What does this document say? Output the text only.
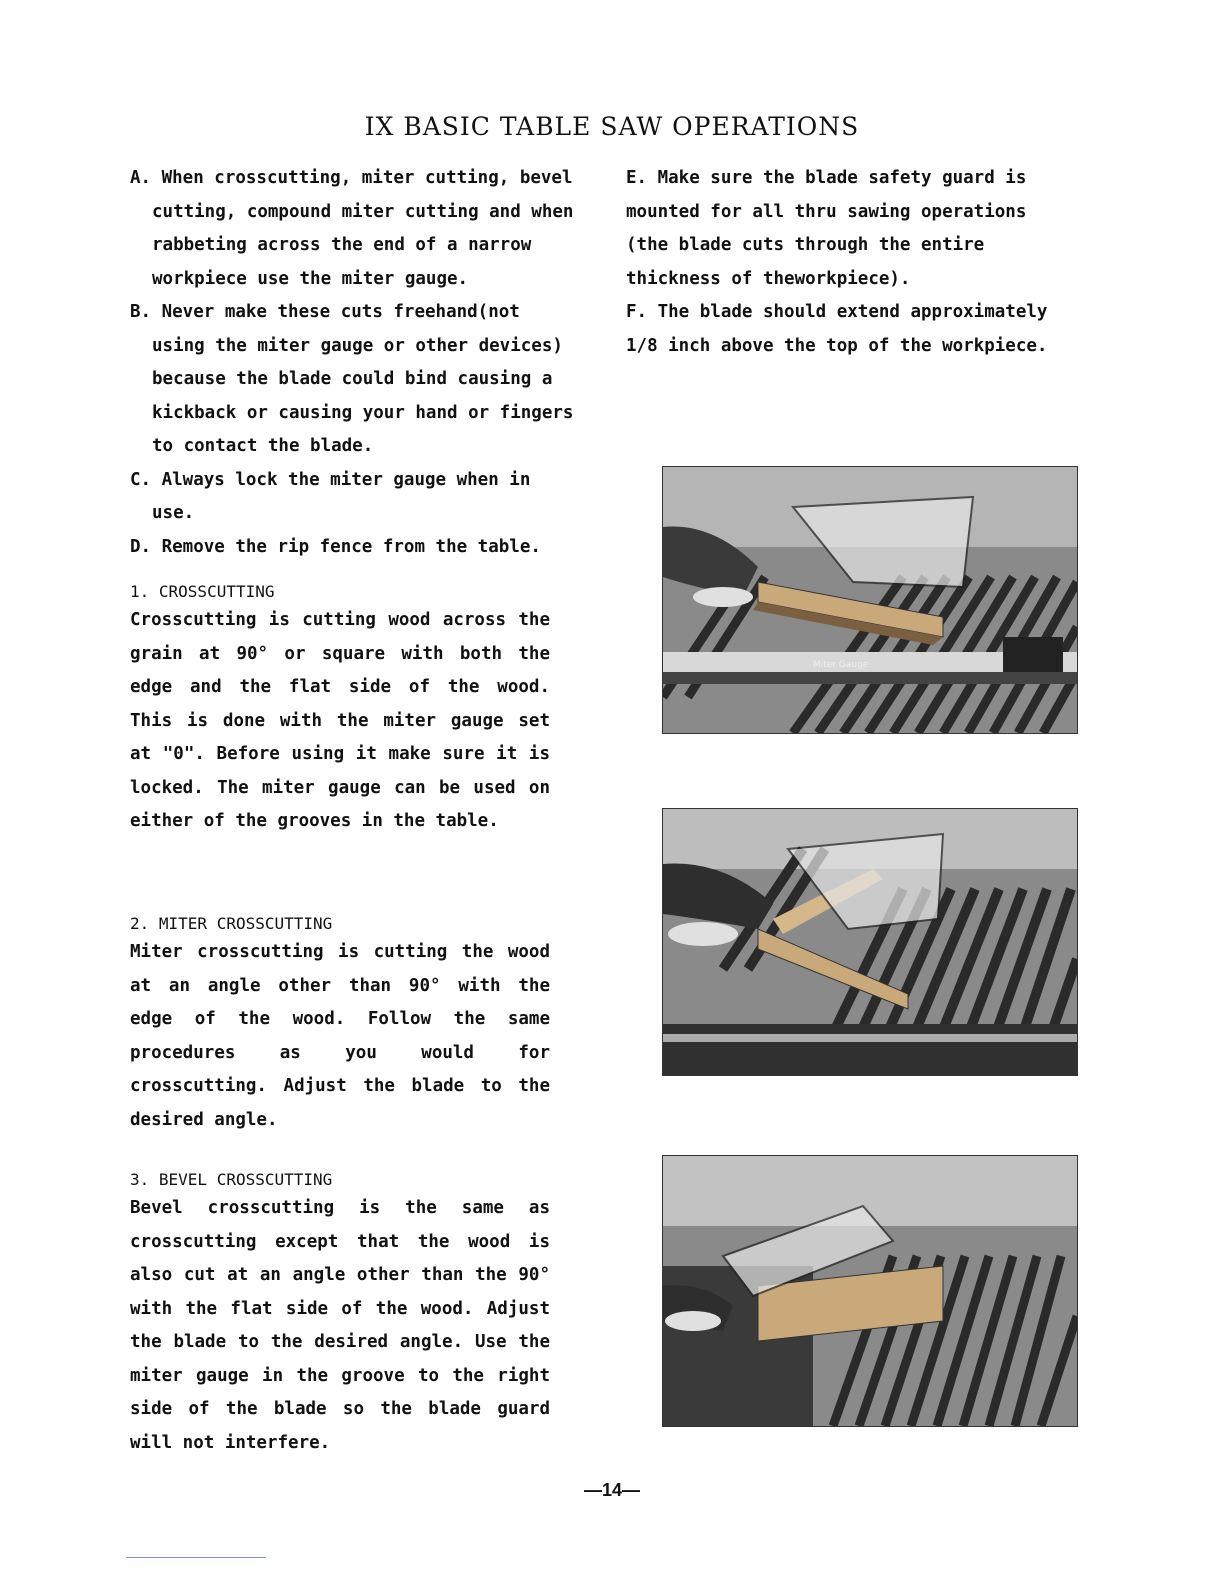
IX BASIC TABLE SAW OPERATIONS

A. When crosscutting, miter cutting, bevel cutting, compound miter cutting and when rabbeting across the end of a narrow workpiece use the miter gauge.

B. Never make these cuts freehand(not using the miter gauge or other devices) because the blade could bind causing a kickback or causing your hand or fingers to contact the blade.

C. Always lock the miter gauge when in use.

D. Remove the rip fence from the table.

E. Make sure the blade safety guard is mounted for all thru sawing operations (the blade cuts through the entire thickness of theworkpiece).

F. The blade should extend approximately 1/8 inch above the top of the workpiece.

1. CROSSCUTTING

Crosscutting is cutting wood across the grain at 90° or square with both the edge and the flat side of the wood. This is done with the miter gauge set at "0". Before using it make sure it is locked. The miter gauge can be used on either of the grooves in the table.

2. MITER CROSSCUTTING

Miter crosscutting is cutting the wood at an angle other than 90° with the edge of the wood. Follow the same procedures as you would for crosscutting. Adjust the blade to the desired angle.

3. BEVEL CROSSCUTTING

Bevel crosscutting is the same as crosscutting except that the wood is also cut at an angle other than the 90° with the flat side of the wood. Adjust the blade to the desired angle. Use the miter gauge in the groove to the right side of the blade so the blade guard will not interfere.

Miter Gauge
—14—
